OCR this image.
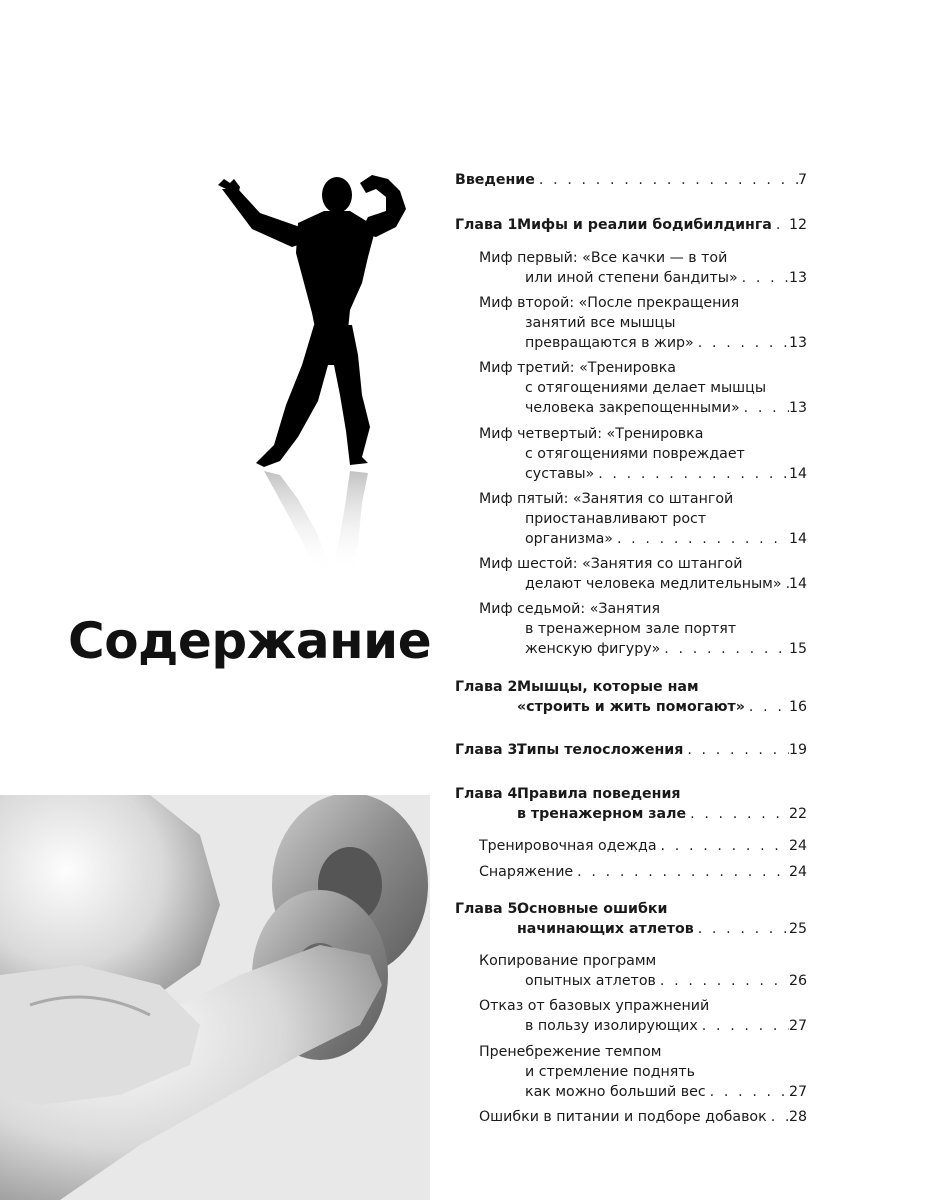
Содержание
Введение . . .	7
Глава 1.
Мифы и реалии бодибилдинга . . . 12
Миф первый: «Все качки — в той
или иной степени бандиты» . . .	13
Миф второй: «После прекращения
занятий все мышцы
превращаются в жир» . . .	13
Миф третий: «Тренировка
с отягощениями делает мышцы
человека закрепощенными» . . .	13
Миф четвертый: «Тренировка
с отягощениями повреждает
суставы» . . .	14
Миф пятый: «Занятия со штангой
приостанавливают рост
организма» . . .	14
Миф шестой: «Занятия со штангой
делают человека медлительным» . . . 14
Миф седьмой: «Занятия
в тренажерном зале портят
женскую фигуру» . . .	15
Глава 2.
Мышцы, которые нам
«строить и жить помогают» . . .	16
Глава 3.
Типы телосложения . . .	19
Глава 4.
Правила поведения
в тренажерном зале . . .	22
Тренировочная одежда . . .	24
Снаряжение . . .	24
Глава 5.
Основные ошибки
начинающих атлетов . . .	25
Копирование программ
опытных атлетов . . .	26
Отказ от базовых упражнений
в пользу изолирующих . . .	27
Пренебрежение темпом
и стремление поднять
как можно больший вес . . .	27
Ошибки в питании и подборе добавок . . . 28
